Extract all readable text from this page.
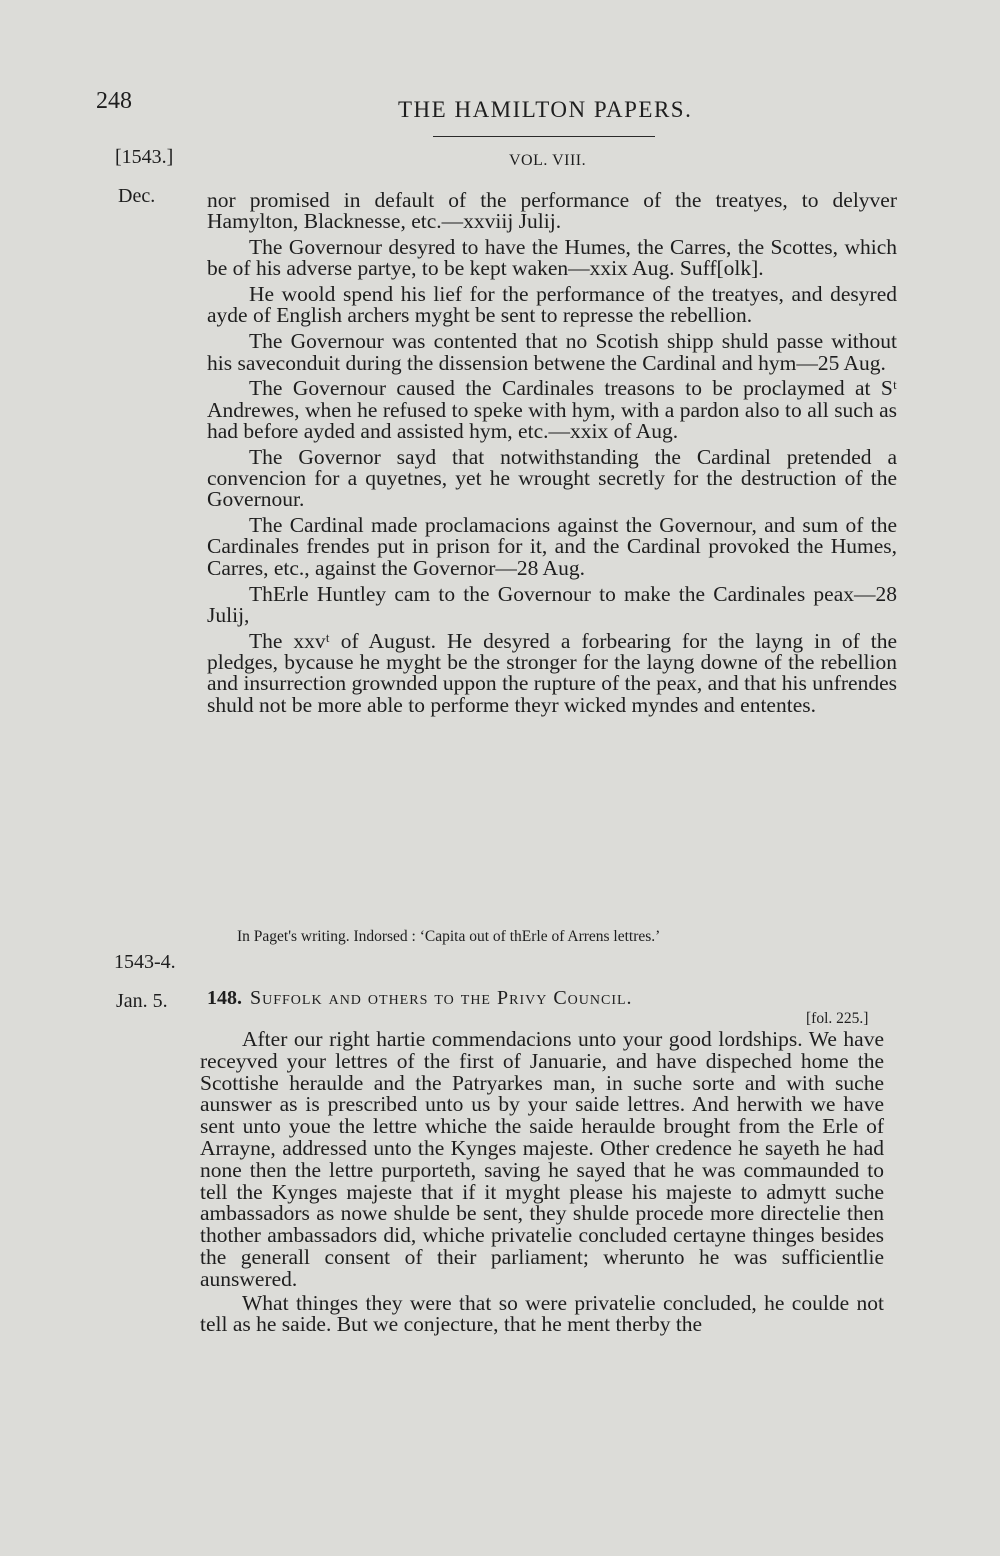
248	THE HAMILTON PAPERS.
VOL. VIII.
[1543.]
Dec. nor promised in default of the performance of the treatyes, to delyver Hamylton, Blacknesse, etc.—xxviij Julij.

The Governour desyred to have the Humes, the Carres, the Scottes, which be of his adverse partye, to be kept waken—xxix Aug. Suff[olk].

He woold spend his lief for the performance of the treatyes, and desyred ayde of English archers myght be sent to represse the rebellion.

The Governour was contented that no Scotish shipp shuld passe without his saveconduit during the dissension betwene the Cardinal and hym—25 Aug.

The Governour caused the Cardinales treasons to be proclaymed at Sᵗ Andrewes, when he refused to speke with hym, with a pardon also to all such as had before ayded and assisted hym, etc.—xxix of Aug.

The Governor sayd that notwithstanding the Cardinal pretended a convencion for a quyetnes, yet he wrought secretly for the destruction of the Governour.

The Cardinal made proclamacions against the Governour, and sum of the Cardinales frendes put in prison for it, and the Cardinal provoked the Humes, Carres, etc., against the Governor—28 Aug.

ThErle Huntley cam to the Governour to make the Cardinales peax—28 Julij,

The xxvᵗ of August. He desyred a forbearing for the layng in of the pledges, bycause he myght be the stronger for the layng downe of the rebellion and insurrection grownded uppon the rupture of the peax, and that his unfrendes shuld not be more able to performe theyr wicked myndes and ententes.

In Paget's writing. Indorsed : ‘Capita out of thErle of Arrens lettres.’
1543-4.
Jan. 5. 148. Suffolk and others to the Privy Council.
[fol. 225.]

After our right hartie commendacions unto your good lordships. We have receyved your lettres of the first of Januarie, and have dispeched home the Scottishe heraulde and the Patryarkes man, in suche sorte and with suche aunswer as is prescribed unto us by your saide lettres. And herwith we have sent unto youe the lettre whiche the saide heraulde brought from the Erle of Arrayne, addressed unto the Kynges majeste. Other credence he sayeth he had none then the lettre purporteth, saving he sayed that he was commaunded to tell the Kynges majeste that if it myght please his majeste to admytt suche ambassadors as nowe shulde be sent, they shulde procede more directelie then thother ambassadors did, whiche privatelie concluded certayne thinges besides the generall consent of their parliament; wherunto he was sufficientlie aunswered.

What thinges they were that so were privatelie concluded, he coulde not tell as he saide. But we conjecture, that he ment therby the
